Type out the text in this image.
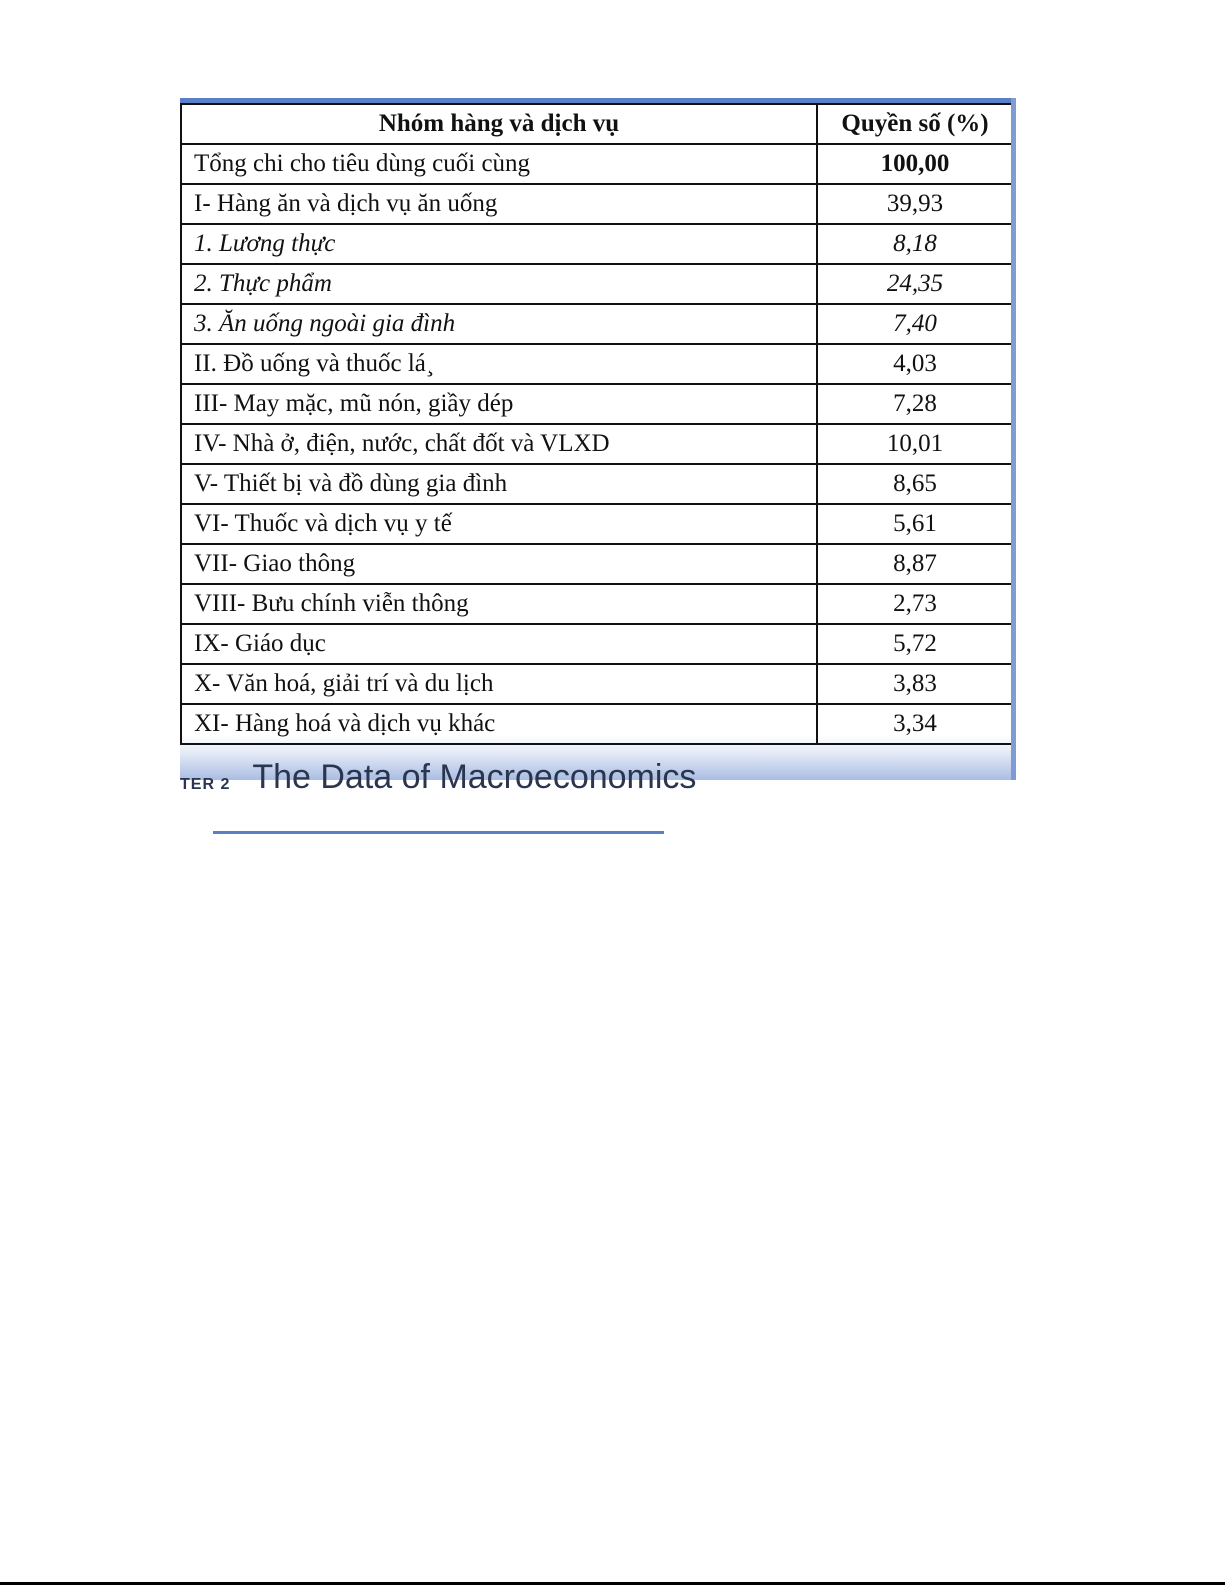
$^{TER 2}$ The Data of Macroeconomics
Nhóm hàng và dịch vụ	Quyền số (%)
Tổng chi cho tiêu dùng cuối cùng	100,00
I- Hàng ăn và dịch vụ ăn uống	39,93
1. Lương thực	8,18
2. Thực phẩm	24,35
3. Ăn uống ngoài gia đình	7,40
II. Đồ uống và thuốc lá¸	4,03
III- May mặc, mũ nón, giầy dép	7,28
IV- Nhà ở, điện, nước, chất đốt và VLXD	10,01
V- Thiết bị và đồ dùng gia đình	8,65
VI- Thuốc và dịch vụ y tế	5,61
VII- Giao thông	8,87
VIII- Bưu chính viễn thông	2,73
IX- Giáo dục	5,72
X- Văn hoá, giải trí và du lịch	3,83
XI- Hàng hoá và dịch vụ khác	3,34
